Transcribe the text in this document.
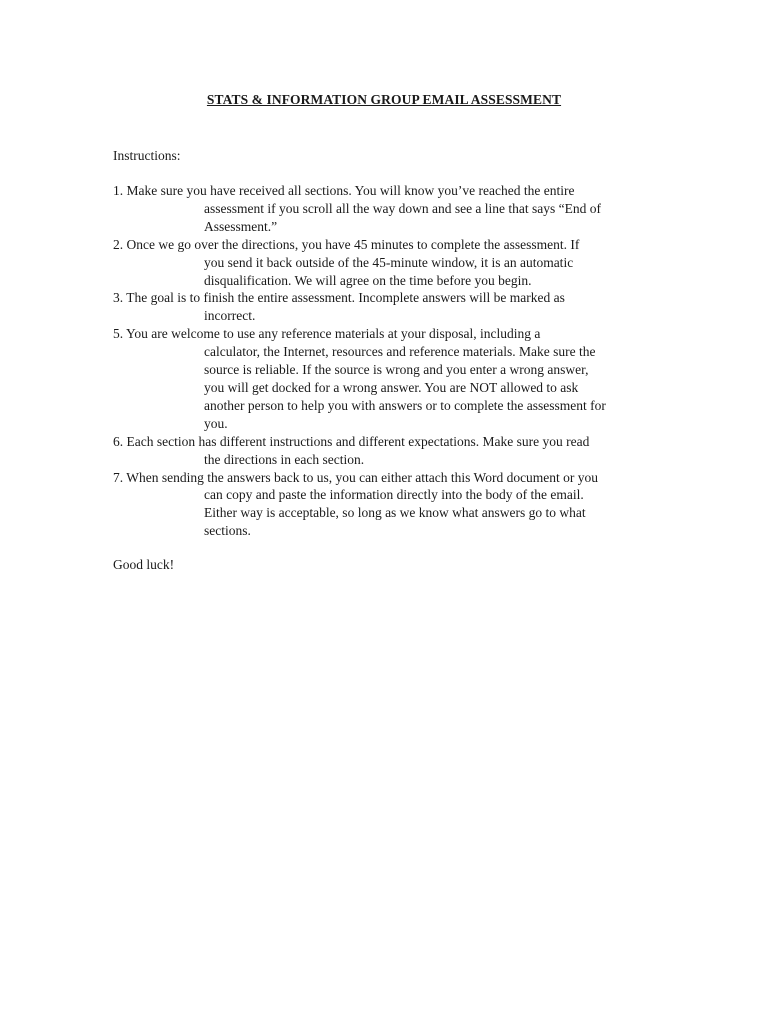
STATS & INFORMATION GROUP EMAIL ASSESSMENT
Instructions:
1. Make sure you have received all sections. You will know you’ve reached the entire
assessment if you scroll all the way down and see a line that says “End of
Assessment.”
2. Once we go over the directions, you have 45 minutes to complete the assessment. If
you send it back outside of the 45-minute window, it is an automatic
disqualification. We will agree on the time before you begin.
3. The goal is to finish the entire assessment. Incomplete answers will be marked as
incorrect.
5. You are welcome to use any reference materials at your disposal, including a
calculator, the Internet, resources and reference materials. Make sure the
source is reliable. If the source is wrong and you enter a wrong answer,
you will get docked for a wrong answer. You are NOT allowed to ask
another person to help you with answers or to complete the assessment for
you.
6. Each section has different instructions and different expectations. Make sure you read
the directions in each section.
7. When sending the answers back to us, you can either attach this Word document or you
can copy and paste the information directly into the body of the email.
Either way is acceptable, so long as we know what answers go to what
sections.
Good luck!
